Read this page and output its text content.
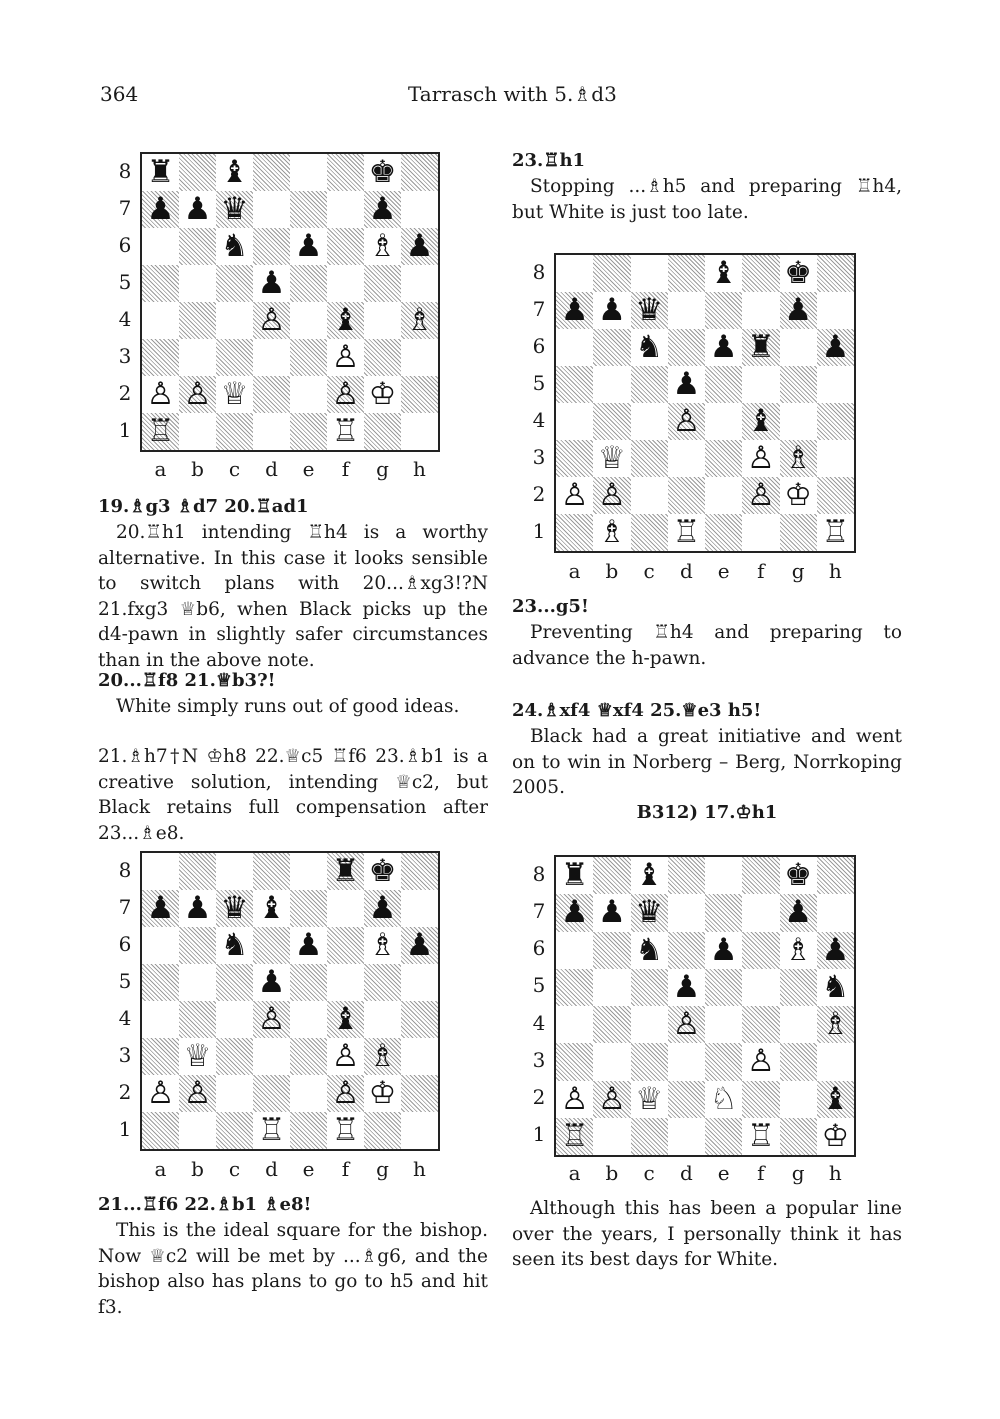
364	Tarrasch with 5.♗d3
8
7
6
5
4
3
2
1
♜ ♝	♚
♟ ♟ ♛	♟
♞ ♟ ♗ ♟
♟
♙ ♝ ♗
♙
♙ ♙ ♕	♙ ♔
♖	♖
a	b	c	d	e	f	g	h

19.♗g3 ♗d7 20.♖ad1

20.♖h1 intending ♖h4 is a worthy alternative. In this case it looks sensible to switch plans with 20...♗xg3!?N 21.fxg3 ♕b6, when Black picks up the d4-pawn in slightly safer circumstances than in the above note.

20...♖f8 21.♕b3?!

White simply runs out of good ideas.

21.♗h7†N ♔h8 22.♕c5 ♖f6 23.♗b1 is a creative solution, intending ♕c2, but Black retains full compensation after 23...♗e8.

8
7
6
5
4
3
2
1
♜ ♚
♟ ♟ ♛ ♝	♟
♞ ♟ ♗ ♟
♟
♙ ♝
♕	♙ ♗
♙ ♙	♙ ♔
♖ ♖
a	b	c	d	e	f	g	h

21...♖f6 22.♗b1 ♗e8!

This is the ideal square for the bishop. Now ♕c2 will be met by ...♗g6, and the bishop also has plans to go to h5 and hit f3.

23.♖h1

Stopping ...♗h5 and preparing ♖h4, but White is just too late.

8
7
6
5
4
3
2
1
♝ ♚
♟ ♟ ♛	♟
♞ ♟ ♜ ♟
♟
♙ ♝
♕	♙ ♗
♙ ♙	♙ ♔
♗ ♖	♖
a	b	c	d	e	f	g	h

23...g5!

Preventing ♖h4 and preparing to advance the h-pawn.

24.♗xf4 ♕xf4 25.♕e3 h5!

Black had a great initiative and went on to win in Norberg – Berg, Norrkoping 2005.

B312) 17.♔h1

8
7
6
5
4
3
2
1
♜ ♝	♚
♟ ♟ ♛	♟
♞ ♟ ♗ ♟
♟	♞
♙	♗
♙
♙ ♙ ♕ ♘	♝
♖	♖ ♔
a	b	c	d	e	f	g	h

Although this has been a popular line over the years, I personally think it has seen its best days for White.
